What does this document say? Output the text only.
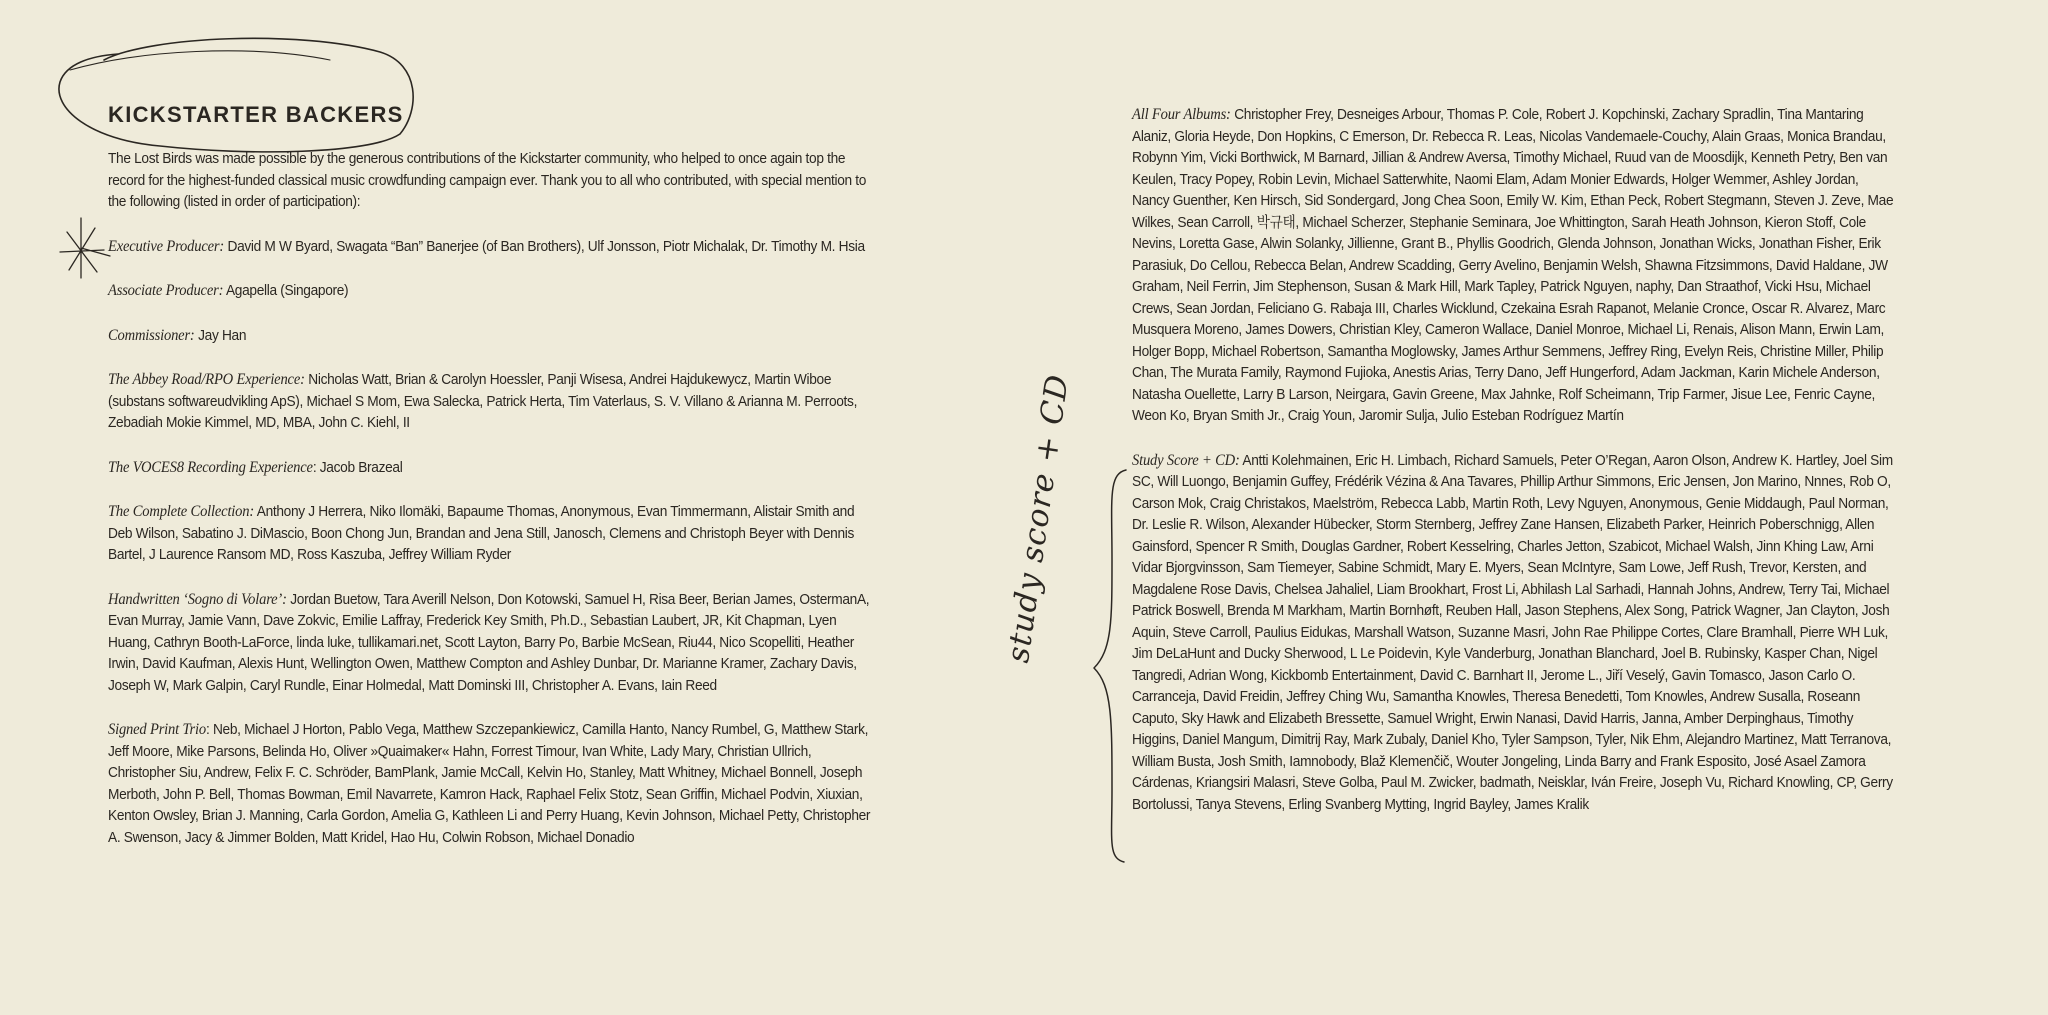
study score + CD
KICKSTARTER BACKERS

The Lost Birds was made possible by the generous contributions of the Kickstarter community, who helped to once again top the record for the highest-funded classical music crowdfunding campaign ever. Thank you to all who contributed, with special mention to the following (listed in order of participation):

Executive Producer: David M W Byard, Swagata “Ban” Banerjee (of Ban Brothers), Ulf Jonsson, Piotr Michalak, Dr. Timothy M. Hsia

Associate Producer: Agapella (Singapore)

Commissioner: Jay Han

The Abbey Road/RPO Experience: Nicholas Watt, Brian & Carolyn Hoessler, Panji Wisesa, Andrei Hajdukewycz, Martin Wiboe (substans softwareudvikling ApS), Michael S Mom, Ewa Salecka, Patrick Herta, Tim Vaterlaus, S. V. Villano & Arianna M. Perroots, Zebadiah Mokie Kimmel, MD, MBA, John C. Kiehl, II

The VOCES8 Recording Experience: Jacob Brazeal

The Complete Collection: Anthony J Herrera, Niko Ilomäki, Bapaume Thomas, Anonymous, Evan Timmermann, Alistair Smith and Deb Wilson, Sabatino J. DiMascio, Boon Chong Jun, Brandan and Jena Still, Janosch, Clemens and Christoph Beyer with Dennis Bartel, J Laurence Ransom MD, Ross Kaszuba, Jeffrey William Ryder

Handwritten ‘Sogno di Volare’: Jordan Buetow, Tara Averill Nelson, Don Kotowski, Samuel H, Risa Beer, Berian James, OstermanA, Evan Murray, Jamie Vann, Dave Zokvic, Emilie Laffray, Frederick Key Smith, Ph.D., Sebastian Laubert, JR, Kit Chapman, Lyen Huang, Cathryn Booth-LaForce, linda luke, tullikamari.net, Scott Layton, Barry Po, Barbie McSean, Riu44, Nico Scopelliti, Heather Irwin, David Kaufman, Alexis Hunt, Wellington Owen, Matthew Compton and Ashley Dunbar, Dr. Marianne Kramer, Zachary Davis, Joseph W, Mark Galpin, Caryl Rundle, Einar Holmedal, Matt Dominski III, Christopher A. Evans, Iain Reed

Signed Print Trio: Neb, Michael J Horton, Pablo Vega, Matthew Szczepankiewicz, Camilla Hanto, Nancy Rumbel, G, Matthew Stark, Jeff Moore, Mike Parsons, Belinda Ho, Oliver »Quaimaker« Hahn, Forrest Timour, Ivan White, Lady Mary, Christian Ullrich, Christopher Siu, Andrew, Felix F. C. Schröder, BamPlank, Jamie McCall, Kelvin Ho, Stanley, Matt Whitney, Michael Bonnell, Joseph Merboth, John P. Bell, Thomas Bowman, Emil Navarrete, Kamron Hack, Raphael Felix Stotz, Sean Griffin, Michael Podvin, Xiuxian, Kenton Owsley, Brian J. Manning, Carla Gordon, Amelia G, Kathleen Li and Perry Huang, Kevin Johnson, Michael Petty, Christopher A. Swenson, Jacy & Jimmer Bolden, Matt Kridel, Hao Hu, Colwin Robson, Michael Donadio

All Four Albums: Christopher Frey, Desneiges Arbour, Thomas P. Cole, Robert J. Kopchinski, Zachary Spradlin, Tina Mantaring Alaniz, Gloria Heyde, Don Hopkins, C Emerson, Dr. Rebecca R. Leas, Nicolas Vandemaele-Couchy, Alain Graas, Monica Brandau, Robynn Yim, Vicki Borthwick, M Barnard, Jillian & Andrew Aversa, Timothy Michael, Ruud van de Moosdijk, Kenneth Petry, Ben van Keulen, Tracy Popey, Robin Levin, Michael Satterwhite, Naomi Elam, Adam Monier Edwards, Holger Wemmer, Ashley Jordan, Nancy Guenther, Ken Hirsch, Sid Sondergard, Jong Chea Soon, Emily W. Kim, Ethan Peck, Robert Stegmann, Steven J. Zeve, Mae Wilkes, Sean Carroll, 박규태, Michael Scherzer, Stephanie Seminara, Joe Whittington, Sarah Heath Johnson, Kieron Stoff, Cole Nevins, Loretta Gase, Alwin Solanky, Jillienne, Grant B., Phyllis Goodrich, Glenda Johnson, Jonathan Wicks, Jonathan Fisher, Erik Parasiuk, Do Cellou, Rebecca Belan, Andrew Scadding, Gerry Avelino, Benjamin Welsh, Shawna Fitzsimmons, David Haldane, JW Graham, Neil Ferrin, Jim Stephenson, Susan & Mark Hill, Mark Tapley, Patrick Nguyen, naphy, Dan Straathof, Vicki Hsu, Michael Crews, Sean Jordan, Feliciano G. Rabaja III, Charles Wicklund, Czekaina Esrah Rapanot, Melanie Cronce, Oscar R. Alvarez, Marc Musquera Moreno, James Dowers, Christian Kley, Cameron Wallace, Daniel Monroe, Michael Li, Renais, Alison Mann, Erwin Lam, Holger Bopp, Michael Robertson, Samantha Moglowsky, James Arthur Semmens, Jeffrey Ring, Evelyn Reis, Christine Miller, Philip Chan, The Murata Family, Raymond Fujioka, Anestis Arias, Terry Dano, Jeff Hungerford, Adam Jackman, Karin Michele Anderson, Natasha Ouellette, Larry B Larson, Neirgara, Gavin Greene, Max Jahnke, Rolf Scheimann, Trip Farmer, Jisue Lee, Fenric Cayne, Weon Ko, Bryan Smith Jr., Craig Youn, Jaromir Sulja, Julio Esteban Rodríguez Martín

Study Score + CD: Antti Kolehmainen, Eric H. Limbach, Richard Samuels, Peter O’Regan, Aaron Olson, Andrew K. Hartley, Joel Sim SC, Will Luongo, Benjamin Guffey, Frédérik Vézina & Ana Tavares, Phillip Arthur Simmons, Eric Jensen, Jon Marino, Nnnes, Rob O, Carson Mok, Craig Christakos, Maelström, Rebecca Labb, Martin Roth, Levy Nguyen, Anonymous, Genie Middaugh, Paul Norman, Dr. Leslie R. Wilson, Alexander Hübecker, Storm Sternberg, Jeffrey Zane Hansen, Elizabeth Parker, Heinrich Poberschnigg, Allen Gainsford, Spencer R Smith, Douglas Gardner, Robert Kesselring, Charles Jetton, Szabicot, Michael Walsh, Jinn Khing Law, Arni Vidar Bjorgvinsson, Sam Tiemeyer, Sabine Schmidt, Mary E. Myers, Sean McIntyre, Sam Lowe, Jeff Rush, Trevor, Kersten, and Magdalene Rose Davis, Chelsea Jahaliel, Liam Brookhart, Frost Li, Abhilash Lal Sarhadi, Hannah Johns, Andrew, Terry Tai, Michael Patrick Boswell, Brenda M Markham, Martin Bornhøft, Reuben Hall, Jason Stephens, Alex Song, Patrick Wagner, Jan Clayton, Josh Aquin, Steve Carroll, Paulius Eidukas, Marshall Watson, Suzanne Masri, John Rae Philippe Cortes, Clare Bramhall, Pierre WH Luk, Jim DeLaHunt and Ducky Sherwood, L Le Poidevin, Kyle Vanderburg, Jonathan Blanchard, Joel B. Rubinsky, Kasper Chan, Nigel Tangredi, Adrian Wong, Kickbomb Entertainment, David C. Barnhart II, Jerome L., Jiří Veselý, Gavin Tomasco, Jason Carlo O. Carranceja, David Freidin, Jeffrey Ching Wu, Samantha Knowles, Theresa Benedetti, Tom Knowles, Andrew Susalla, Roseann Caputo, Sky Hawk and Elizabeth Bressette, Samuel Wright, Erwin Nanasi, David Harris, Janna, Amber Derpinghaus, Timothy Higgins, Daniel Mangum, Dimitrij Ray, Mark Zubaly, Daniel Kho, Tyler Sampson, Tyler, Nik Ehm, Alejandro Martinez, Matt Terranova, William Busta, Josh Smith, Iamnobody, Blaž Klemenčič, Wouter Jongeling, Linda Barry and Frank Esposito, José Asael Zamora Cárdenas, Kriangsiri Malasri, Steve Golba, Paul M. Zwicker, badmath, Neisklar, Iván Freire, Joseph Vu, Richard Knowling, CP, Gerry Bortolussi, Tanya Stevens, Erling Svanberg Mytting, Ingrid Bayley, James Kralik
